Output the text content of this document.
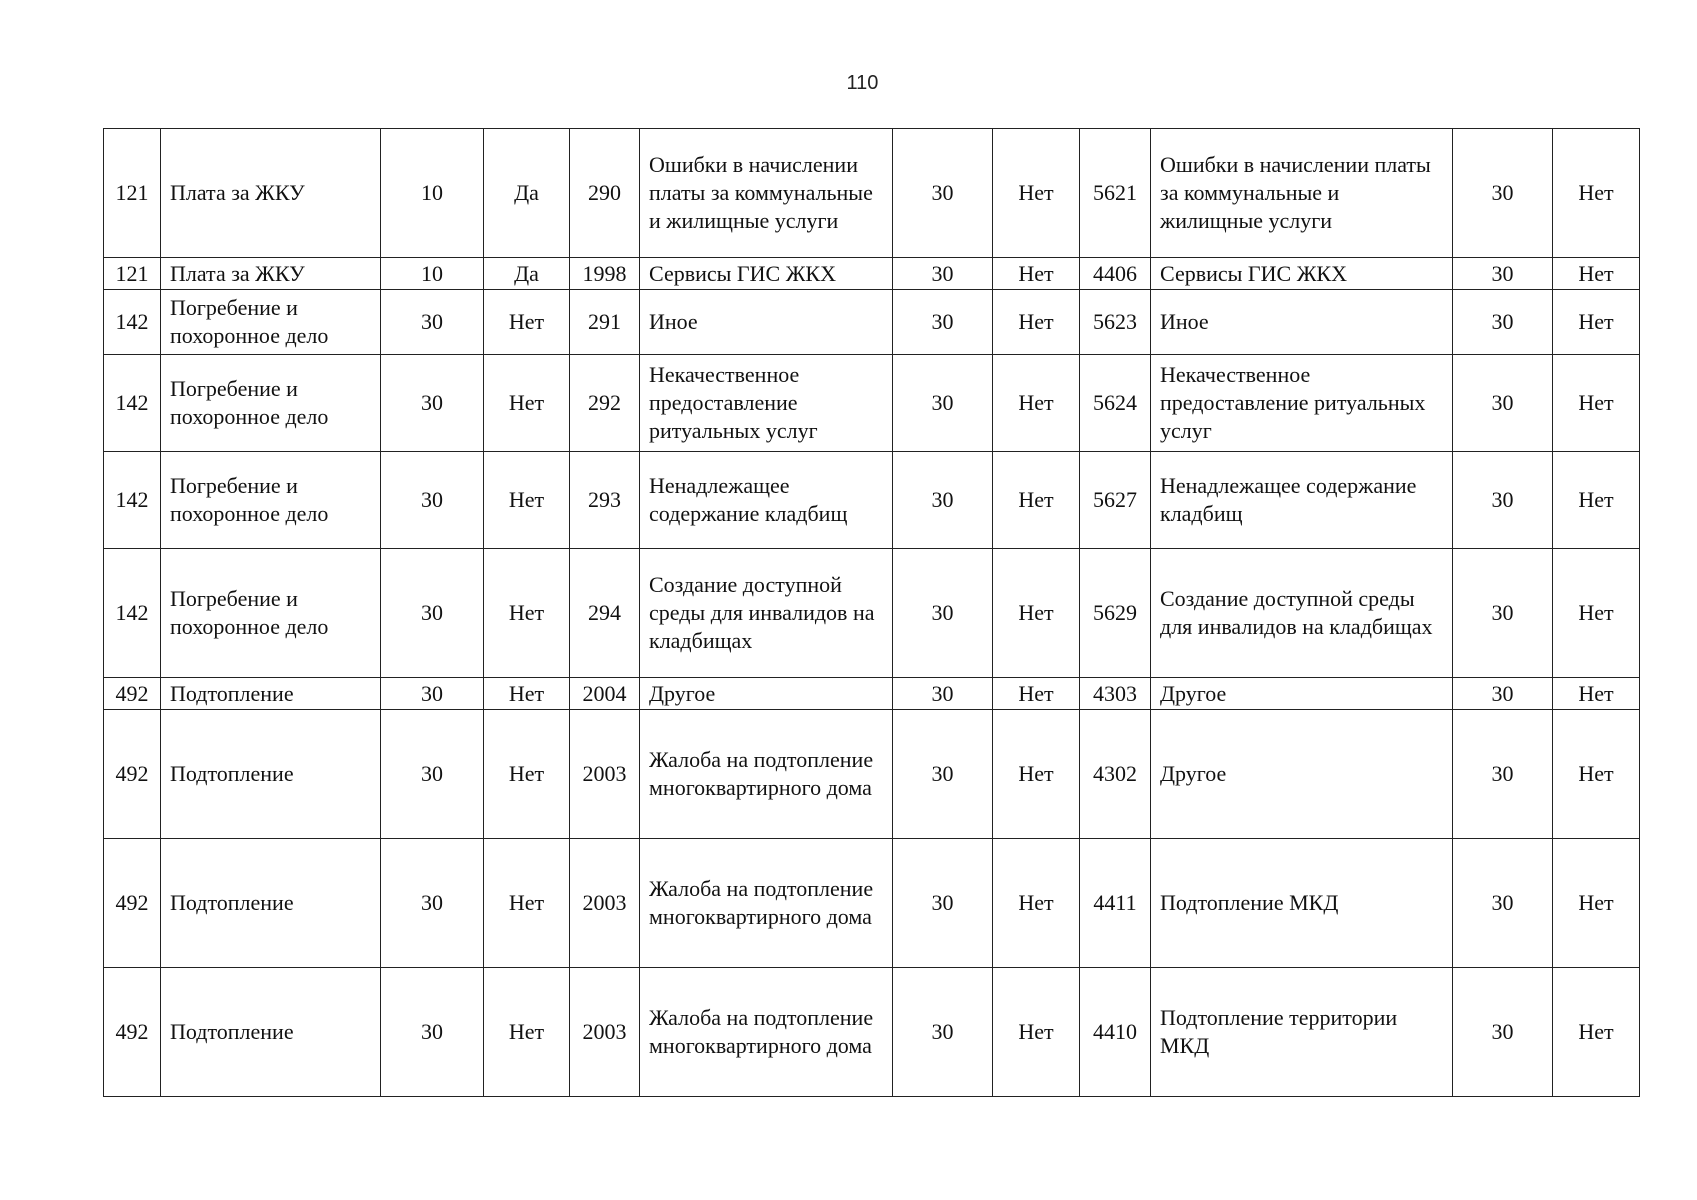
110
121	Плата за ЖКУ	10	Да	290	Ошибки в начислении платы за коммунальные и жилищные услуги	30	Нет	5621	Ошибки в начислении платы за коммунальные и жилищные услуги	30	Нет
121	Плата за ЖКУ	10	Да	1998	Сервисы ГИС ЖКХ	30	Нет	4406	Сервисы ГИС ЖКХ	30	Нет
142	Погребение и похоронное дело	30	Нет	291	Иное	30	Нет	5623	Иное	30	Нет
142	Погребение и похоронное дело	30	Нет	292	Некачественное предоставление ритуальных услуг	30	Нет	5624	Некачественное предоставление ритуальных услуг	30	Нет
142	Погребение и похоронное дело	30	Нет	293	Ненадлежащее содержание кладбищ	30	Нет	5627	Ненадлежащее содержание кладбищ	30	Нет
142	Погребение и похоронное дело	30	Нет	294	Создание доступной среды для инвалидов на кладбищах	30	Нет	5629	Создание доступной среды для инвалидов на кладбищах	30	Нет
492	Подтопление	30	Нет	2004	Другое	30	Нет	4303	Другое	30	Нет
492	Подтопление	30	Нет	2003	Жалоба на подтопление многоквартирного дома	30	Нет	4302	Другое	30	Нет
492	Подтопление	30	Нет	2003	Жалоба на подтопление многоквартирного дома	30	Нет	4411	Подтопление МКД	30	Нет
492	Подтопление	30	Нет	2003	Жалоба на подтопление многоквартирного дома	30	Нет	4410	Подтопление территории МКД	30	Нет
